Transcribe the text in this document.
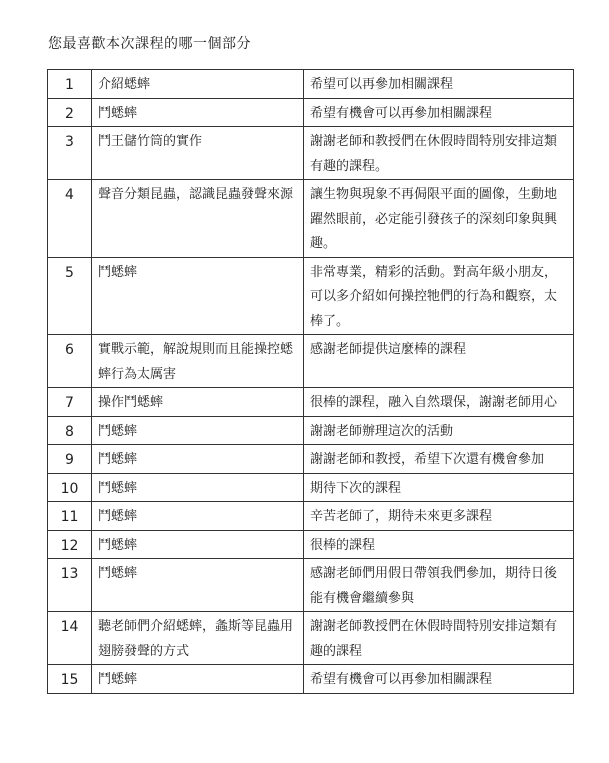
您最喜歡本次課程的哪一個部分
1	介紹蟋蟀	希望可以再參加相關課程
2	鬥蟋蟀	希望有機會可以再參加相關課程
3	鬥王儲竹筒的實作	謝謝老師和教授們在休假時間特別安排這類有趣的課程。
4	聲音分類昆蟲，認識昆蟲發聲來源	讓生物與現象不再侷限平面的圖像，生動地躍然眼前，必定能引發孩子的深刻印象與興趣。
5	鬥蟋蟀	非常專業，精彩的活動。對高年級小朋友，可以多介紹如何操控牠們的行為和觀察，太棒了。
6	實戰示範，解說規則而且能操控蟋蟀行為太厲害	感謝老師提供這麼棒的課程
7	操作鬥蟋蟀	很棒的課程，融入自然環保，謝謝老師用心
8	鬥蟋蟀	謝謝老師辦理這次的活動
9	鬥蟋蟀	謝謝老師和教授，希望下次還有機會參加
10	鬥蟋蟀	期待下次的課程
11	鬥蟋蟀	辛苦老師了，期待未來更多課程
12	鬥蟋蟀	很棒的課程
13	鬥蟋蟀	感謝老師們用假日帶領我們參加，期待日後能有機會繼續參與
14	聽老師們介紹蟋蟀，螽斯等昆蟲用翅膀發聲的方式	謝謝老師教授們在休假時間特別安排這類有趣的課程
15	鬥蟋蟀	希望有機會可以再參加相關課程
